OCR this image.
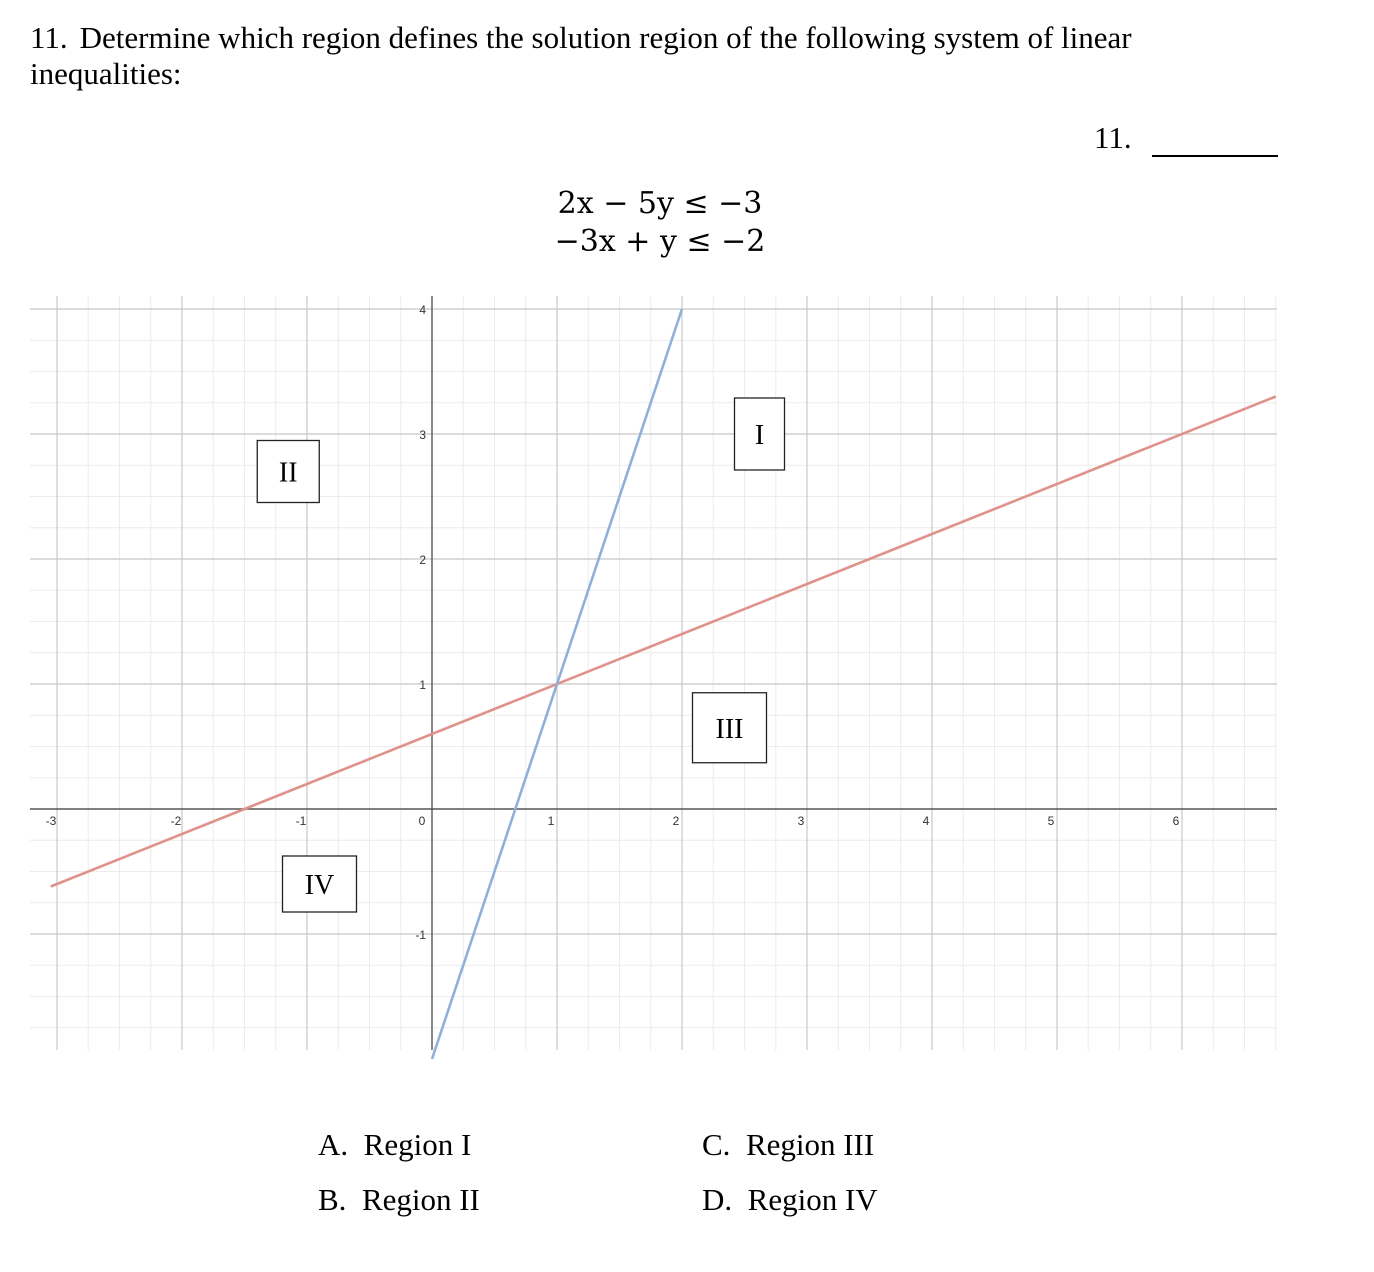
11. Determine which region defines the solution region of the following system of linear
inequalities:
11.
2x − 5y ≤ −3
−3x + y ≤ −2
-3	-2	-1	0	1	2	3	4	5	6
4
3
2
1
-1
I
II
III
IV
A. Region I
B. Region II
C. Region III
D. Region IV
